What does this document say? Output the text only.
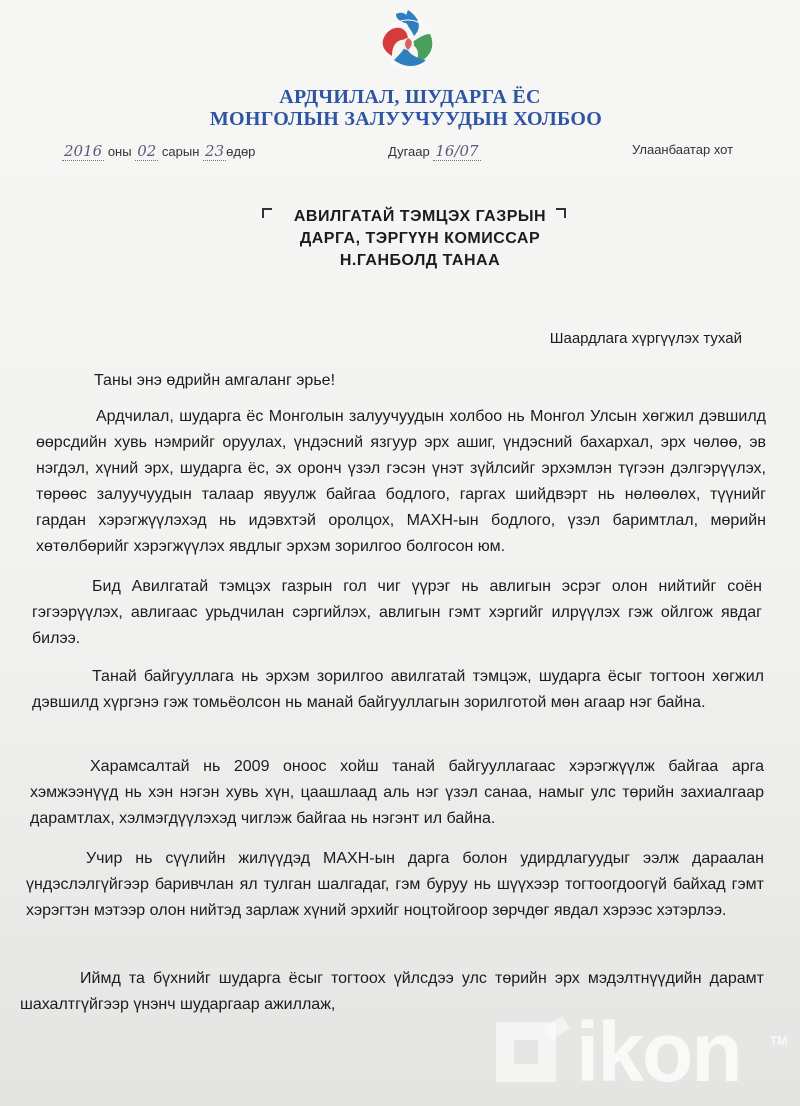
АРДЧИЛАЛ, ШУДАРГА ЁС
МОНГОЛЫН ЗАЛУУЧУУДЫН ХОЛБОО
2016 оны 02 сарын 23 өдөр	Дугаар 16/07	Улаанбаатар хот
АВИЛГАТАЙ ТЭМЦЭХ ГАЗРЫН
ДАРГА, ТЭРГҮҮН КОМИССАР
Н.ГАНБОЛД ТАНАА
Шаардлага хүргүүлэх тухай
Таны энэ өдрийн амгаланг эрье!
Ардчилал, шударга ёс Монголын залуучуудын холбоо нь Монгол Улсын хөгжил дэвшилд өөрсдийн хувь нэмрийг оруулах, үндэсний язгуур эрх ашиг, үндэсний бахархал, эрх чөлөө, эв нэгдэл, хүний эрх, шударга ёс, эх оронч үзэл гэсэн үнэт зүйлсийг эрхэмлэн түгээн дэлгэрүүлэх, төрөөс залуучуудын талаар явуулж байгаа бодлого, гаргах шийдвэрт нь нөлөөлөх, түүнийг гардан хэрэгжүүлэхэд нь идэвхтэй оролцох, МАХН-ын бодлого, үзэл баримтлал, мөрийн хөтөлбөрийг хэрэгжүүлэх явдлыг эрхэм зорилгоо болгосон юм.
Бид Авилгатай тэмцэх газрын гол чиг үүрэг нь авлигын эсрэг олон нийтийг соён гэгээрүүлэх, авлигаас урьдчилан сэргийлэх, авлигын гэмт хэргийг илрүүлэх гэж ойлгож явдаг билээ.
Танай байгууллага нь эрхэм зорилгоо авилгатай тэмцэж, шударга ёсыг тогтоон хөгжил дэвшилд хүргэнэ гэж томьёолсон нь манай байгууллагын зорилготой мөн агаар нэг байна.
Харамсалтай нь 2009 оноос хойш танай байгууллагаас хэрэгжүүлж байгаа арга хэмжээнүүд нь хэн нэгэн хувь хүн, цаашлаад аль нэг үзэл санаа, намыг улс төрийн захиалгаар дарамтлах, хэлмэгдүүлэхэд чиглэж байгаа нь нэгэнт ил байна.
Учир нь сүүлийн жилүүдэд МАХН-ын дарга болон удирдлагуудыг ээлж дараалан үндэслэлгүйгээр баривчлан ял тулган шалгадаг, гэм буруу нь шүүхээр тогтоогдоогүй байхад гэмт хэрэгтэн мэтээр олон нийтэд зарлаж хүний эрхийг ноцтойгоор зөрчдөг явдал хэрээс хэтэрлээ.
Иймд та бүхнийг шударга ёсыг тогтоох үйлсдээ улс төрийн эрх мэдэлтнүүдийн дарамт шахалтгүйгээр үнэнч шударгаар ажиллаж,
ikon TM
